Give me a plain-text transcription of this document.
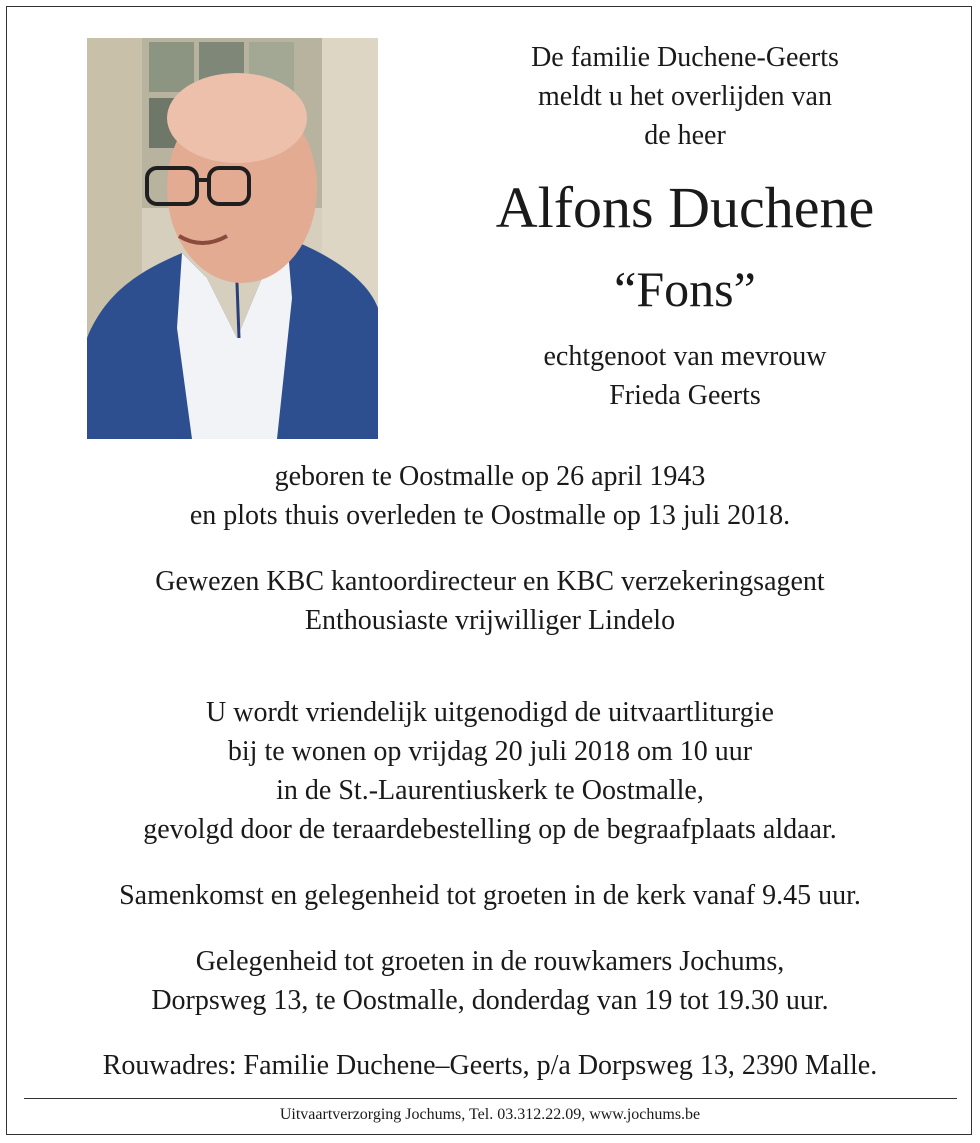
De familie Duchene-Geerts
meldt u het overlijden van
de heer
Alfons Duchene
“Fons”
echtgenoot van mevrouw
Frieda Geerts
geboren te Oostmalle op 26 april 1943
en plots thuis overleden te Oostmalle op 13 juli 2018.
Gewezen KBC kantoordirecteur en KBC verzekeringsagent
Enthousiaste vrijwilliger Lindelo
U wordt vriendelijk uitgenodigd de uitvaartliturgie
bij te wonen op vrijdag 20 juli 2018 om 10 uur
in de St.-Laurentiuskerk te Oostmalle,
gevolgd door de teraardebestelling op de begraafplaats aldaar.
Samenkomst en gelegenheid tot groeten in de kerk vanaf 9.45 uur.
Gelegenheid tot groeten in de rouwkamers Jochums,
Dorpsweg 13, te Oostmalle, donderdag van 19 tot 19.30 uur.
Rouwadres: Familie Duchene–Geerts, p/a Dorpsweg 13, 2390 Malle.
Uitvaartverzorging Jochums, Tel. 03.312.22.09, www.jochums.be
